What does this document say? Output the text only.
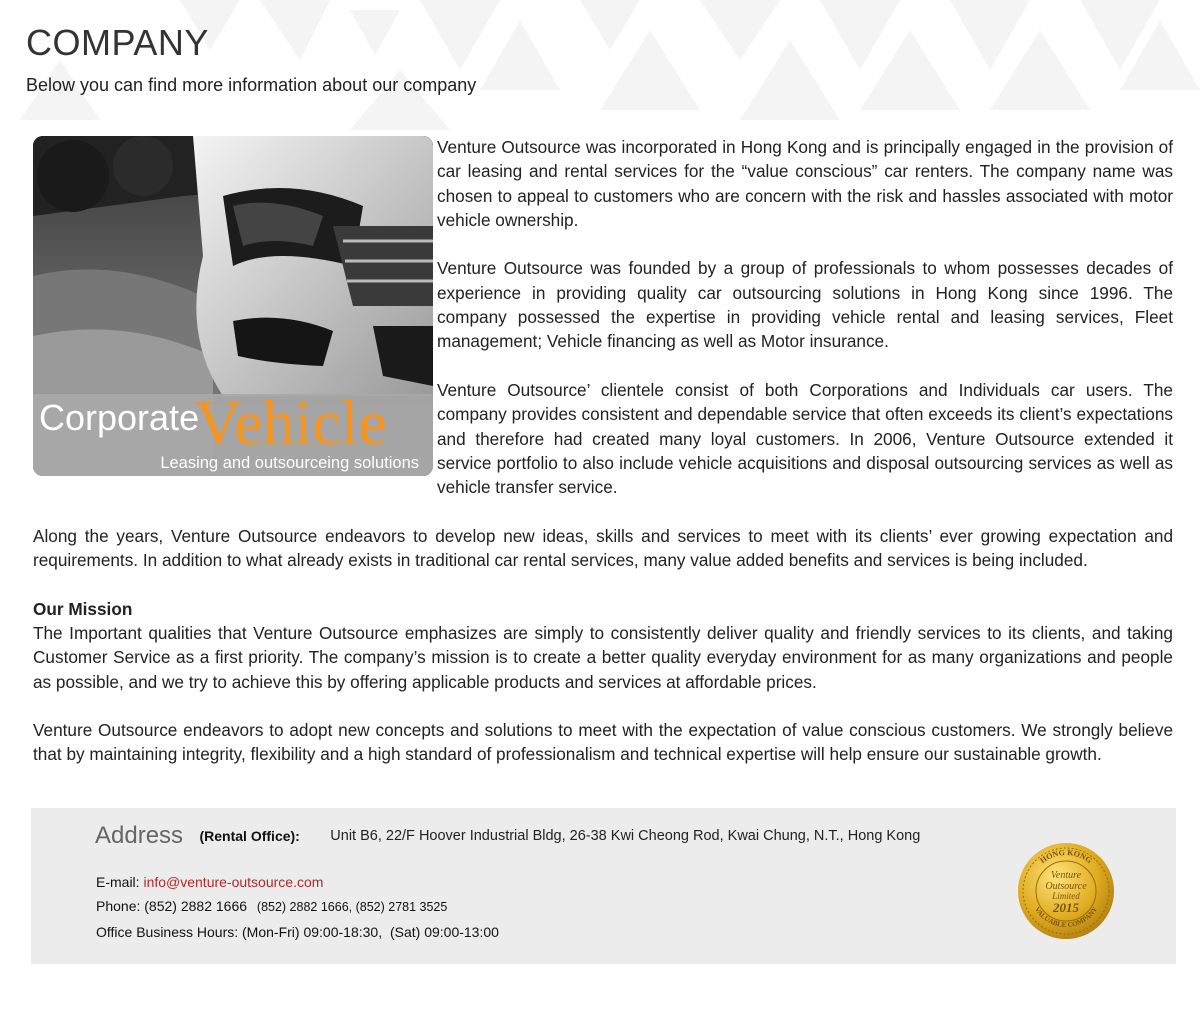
COMPANY
Below you can find more information about our company
Corporate
Vehicle
Leasing and outsourceing solutions

Venture Outsource was incorporated in Hong Kong and is principally engaged in the provision of car leasing and rental services for the “value conscious” car renters. The company name was chosen to appeal to customers who are concern with the risk and hassles associated with motor vehicle ownership.

Venture Outsource was founded by a group of professionals to whom possesses decades of experience in providing quality car outsourcing solutions in Hong Kong since 1996. The company possessed the expertise in providing vehicle rental and leasing services, Fleet management; Vehicle financing as well as Motor insurance.

Venture Outsource’ clientele consist of both Corporations and Individuals car users. The company provides consistent and dependable service that often exceeds its client’s expectations and therefore had created many loyal customers. In 2006, Venture Outsource extended it service portfolio to also include vehicle acquisitions and disposal outsourcing services as well as vehicle transfer service.

Along the years, Venture Outsource endeavors to develop new ideas, skills and services to meet with its clients’ ever growing expectation and requirements. In addition to what already exists in traditional car rental services, many value added benefits and services is being included.

Our Mission
The Important qualities that Venture Outsource emphasizes are simply to consistently deliver quality and friendly services to its clients, and taking Customer Service as a first priority. The company’s mission is to create a better quality everyday environment for as many organizations and people as possible, and we try to achieve this by offering applicable products and services at affordable prices.

Venture Outsource endeavors to adopt new concepts and solutions to meet with the expectation of value conscious customers. We strongly believe that by maintaining integrity, flexibility and a high standard of professionalism and technical expertise will help ensure our sustainable growth.

Address (Rental Office): Unit B6, 22/F Hoover Industrial Bldg, 26-38 Kwi Cheong Rod, Kwai Chung, N.T., Hong Kong
E-mail: info@venture-outsource.com
Phone: (852) 2882 1666 (852) 2882 1666, (852) 2781 3525
Office Business Hours: (Mon-Fri) 09:00-18:30, (Sat) 09:00-13:00
HONG KONG
VALUABLE COMPANY
Venture
Outsource
Limited
2015
